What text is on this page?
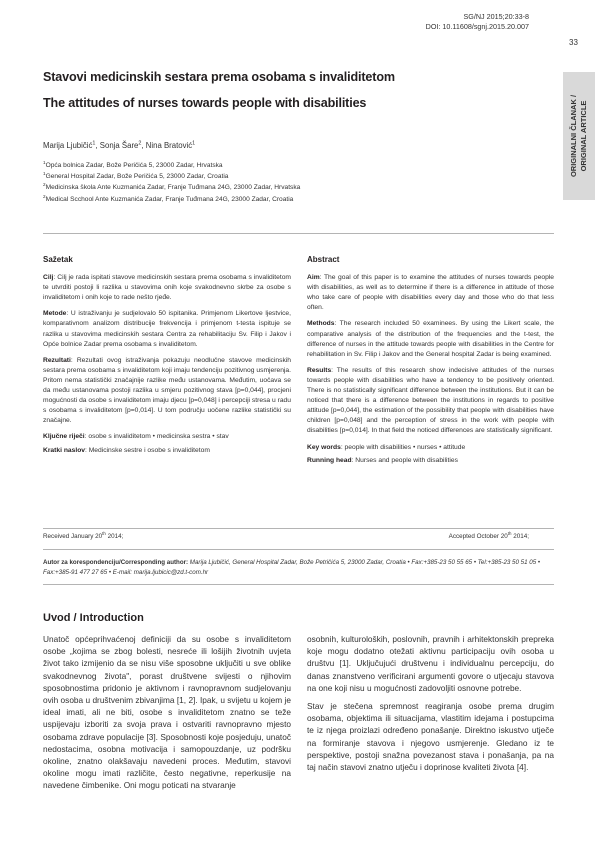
SG/NJ 2015;20:33-8
DOI: 10.11608/sgnj.2015.20.007
33
ORIGINALNI ČLANAK / ORIGINAL ARTICLE
Stavovi medicinskih sestara prema osobama s invaliditetom
The attitudes of nurses towards people with disabilities
Marija Ljubičić$^1$, Sonja Šare$^2$, Nina Bratović$^1$
$^1$Opća bolnica Zadar, Bože Peričića 5, 23000 Zadar, Hrvatska
$^1$General Hospital Zadar, Bože Peričića 5, 23000 Zadar, Croatia
$^2$Medicinska škola Ante Kuzmanića Zadar, Franje Tuđmana 24G, 23000 Zadar, Hrvatska
$^2$Medical Scchool Ante Kuzmanića Zadar, Franje Tuđmana 24G, 23000 Zadar, Croatia
Sažetak

Cilj: Cilj je rada ispitati stavove medicinskih sestara prema osobama s invaliditetom te utvrditi postoji li razlika u stavovima onih koje svakodnevno skrbe za osobe s invaliditetom i onih koje to rade nešto rjeđe.

Metode: U istraživanju je sudjelovalo 50 ispitanika. Primjenom Likertove ljestvice, komparativnom analizom distribucije frekvencija i primjenom t-testa ispituje se razlika u stavovima medicinskih sestara Centra za rehabilitaciju Sv. Filip i Jakov i Opće bolnice Zadar prema osobama s invaliditetom.

Rezultati: Rezultati ovog istraživanja pokazuju neodlučne stavove medicinskih sestara prema osobama s invaliditetom koji imaju tendenciju pozitivnog usmjerenja. Pritom nema statistički značajnije razlike među ustanovama. Međutim, uočava se da među ustanovama postoji razlika u smjeru pozitivnog stava [p=0,044], procjeni mogućnosti da osobe s invaliditetom imaju djecu [p=0,048] i percepciji stresa u radu s osobama s invaliditetom [p=0,014]. U tom području uočene razlike statistički su značajne.

Ključne riječi: osobe s invaliditetom • medicinska sestra • stav

Kratki naslov: Medicinske sestre i osobe s invaliditetom

Abstract

Aim: The goal of this paper is to examine the attitudes of nurses towards people with disabilities, as well as to determine if there is a difference in attitude of those who take care of people with disabilities every day and those who do that less often.

Methods: The research included 50 examinees. By using the Likert scale, the comparative analysis of the distribution of the frequencies and the t-test, the difference of nurses in the attitude towards people with disabilities in the Centre for rehabilitation in Sv. Filip i Jakov and the General hospital Zadar is being examined.

Results: The results of this research show indecisive attitudes of the nurses towards people with disabilities who have a tendency to be positively oriented. There is no statistically significant difference between the institutions. But it can be noticed that there is a difference between the institutions in regards to positive attitude [p=0,044], the estimation of the possibility that people with disabilities have children [p=0,048] and the perception of stress in the work with people with disabilities [p=0,014]. In that field the noticed differences are statistically significant.

Key words: people with disabilities • nurses • attitude

Running head: Nurses and people with disabilities

Received January 20th 2014;	Accepted October 20th 2014;
Autor za korespondenciju/Corresponding author: Marija Ljubičić, General Hospital Zadar, Bože Petričića 5, 23000 Zadar, Croatia • Fax:+385-23 50 55 65 • Tel:+385-23 50 51 05 • Fax:+385-91 477 27 65 • E-mail: marija.ljubicic@zd.t-com.hr
Uvod / Introduction

Unatoč općeprihvaćenoj definiciji da su osobe s invaliditetom osobe „kojima se zbog bolesti, nesreće ili lošijih životnih uvjeta život tako izmijenio da se nisu više sposobne uključiti u sve oblike svakodnevnog života", porast društvene svijesti o njihovim sposobnostima pridonio je aktivnom i ravnopravnom sudjelovanju ovih osoba u društvenim zbivanjima [1, 2]. Ipak, u svijetu u kojem je ideal imati, ali ne biti, osobe s invaliditetom znatno se teže uspijevaju izboriti za svoja prava i ostvariti ravnopravno mjesto osobama zdrave populacije [3]. Sposobnosti koje posjeduju, unatoč nedostacima, osobna motivacija i samopouzdanje, uz podršku okoline, znatno olakšavaju navedeni proces. Međutim, stavovi okoline mogu imati različite, često negativne, reperkusije na navedene čimbenike. Oni mogu poticati na stvaranje

osobnih, kulturoloških, poslovnih, pravnih i arhitektonskih prepreka koje mogu dodatno otežati aktivnu participaciju ovih osoba u društvu [1]. Uključujući društvenu i individualnu percepciju, do danas znanstveno verificirani argumenti govore o utjecaju stavova na one koji nisu u mogućnosti zadovoljiti osnovne potrebe.

Stav je stečena spremnost reagiranja osobe prema drugim osobama, objektima ili situacijama, vlastitim idejama i postupcima te iz njega proizlazi određeno ponašanje. Direktno iskustvo utječe na formiranje stavova i njegovo usmjerenje. Gledano iz te perspektive, postoji snažna povezanost stava i ponašanja, pa na taj način stavovi znatno utječu i doprinose kvaliteti života [4].
